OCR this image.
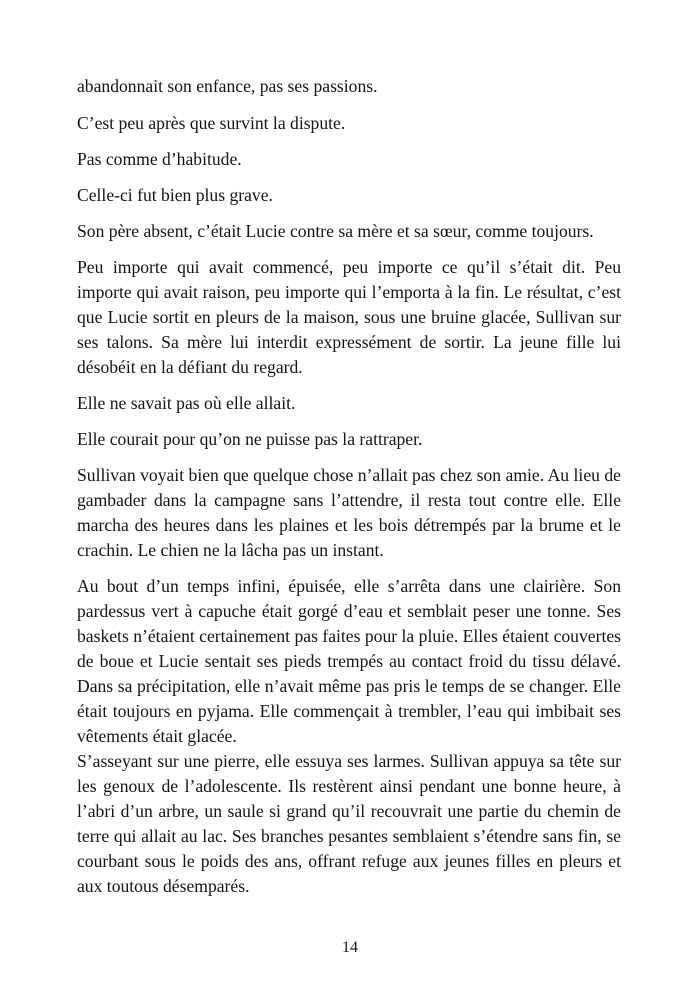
abandonnait son enfance, pas ses passions.

C’est peu après que survint la dispute.

Pas comme d’habitude.

Celle-ci fut bien plus grave.

Son père absent, c’était Lucie contre sa mère et sa sœur, comme toujours.

Peu importe qui avait commencé, peu importe ce qu’il s’était dit. Peu importe qui avait raison, peu importe qui l’emporta à la fin. Le résultat, c’est que Lucie sortit en pleurs de la maison, sous une bruine glacée, Sullivan sur ses talons. Sa mère lui interdit expressément de sortir. La jeune fille lui désobéit en la défiant du regard.

Elle ne savait pas où elle allait.

Elle courait pour qu’on ne puisse pas la rattraper.

Sullivan voyait bien que quelque chose n’allait pas chez son amie. Au lieu de gambader dans la campagne sans l’attendre, il resta tout contre elle. Elle marcha des heures dans les plaines et les bois détrempés par la brume et le crachin. Le chien ne la lâcha pas un instant.

Au bout d’un temps infini, épuisée, elle s’arrêta dans une clairière. Son pardessus vert à capuche était gorgé d’eau et semblait peser une tonne. Ses baskets n’étaient certainement pas faites pour la pluie. Elles étaient couvertes de boue et Lucie sentait ses pieds trempés au contact froid du tissu délavé. Dans sa précipitation, elle n’avait même pas pris le temps de se changer. Elle était toujours en pyjama. Elle commençait à trembler, l’eau qui imbibait ses vêtements était glacée.

S’asseyant sur une pierre, elle essuya ses larmes. Sullivan appuya sa tête sur les genoux de l’adolescente. Ils restèrent ainsi pendant une bonne heure, à l’abri d’un arbre, un saule si grand qu’il recouvrait une partie du chemin de terre qui allait au lac. Ses branches pesantes semblaient s’étendre sans fin, se courbant sous le poids des ans, offrant refuge aux jeunes filles en pleurs et aux toutous désemparés.

14
